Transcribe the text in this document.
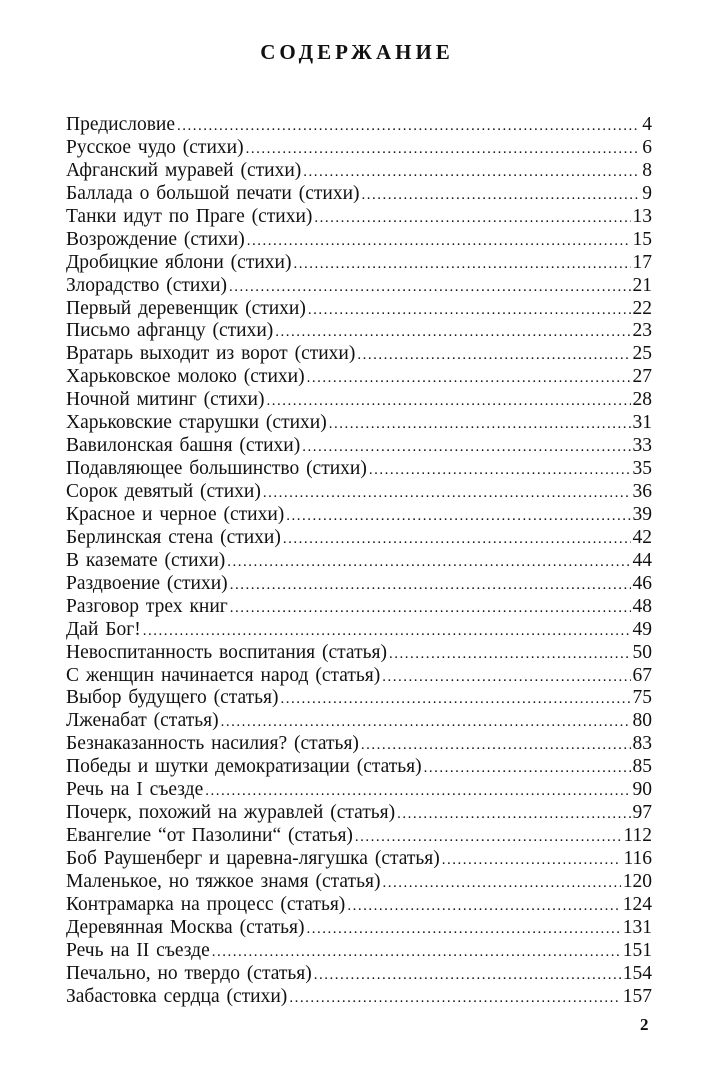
СОДЕРЖАНИЕ
Предисловие .....	4
Русское чудо (стихи) .....	6
Афганский муравей (стихи) .....	8
Баллада о большой печати (стихи) .....	9
Танки идут по Праге (стихи) .....	13
Возрождение (стихи) .....	15
Дробицкие яблони (стихи) .....	17
Злорадство (стихи) .....	21
Первый деревенщик (стихи) .....	22
Письмо афганцу (стихи) .....	23
Вратарь выходит из ворот (стихи) .....	25
Харьковское молоко (стихи) .....	27
Ночной митинг (стихи) .....	28
Харьковские старушки (стихи) .....	31
Вавилонская башня (стихи) .....	33
Подавляющее большинство (стихи) .....	35
Сорок девятый (стихи) .....	36
Красное и черное (стихи) .....	39
Берлинская стена (стихи) .....	42
В каземате (стихи) .....	44
Раздвоение (стихи) .....	46
Разговор трех книг .....	48
Дай Бог! .....	49
Невоспитанность воспитания (статья) .....	50
С женщин начинается народ (статья) .....	67
Выбор будущего (статья) .....	75
Лженабат (статья) .....	80
Безнаказанность насилия? (статья) .....	83
Победы и шутки демократизации (статья) .....	85
Речь на I съезде .....	90
Почерк, похожий на журавлей (статья) .....	97
Евангелие “от Пазолини“ (статья) .....	112
Боб Раушенберг и царевна-лягушка (статья) .....	116
Маленькое, но тяжкое знамя (статья) .....	120
Контрамарка на процесс (статья) .....	124
Деревянная Москва (статья) .....	131
Речь на II съезде .....	151
Печально, но твердо (статья) .....	154
Забастовка сердца (стихи) .....	157
2
